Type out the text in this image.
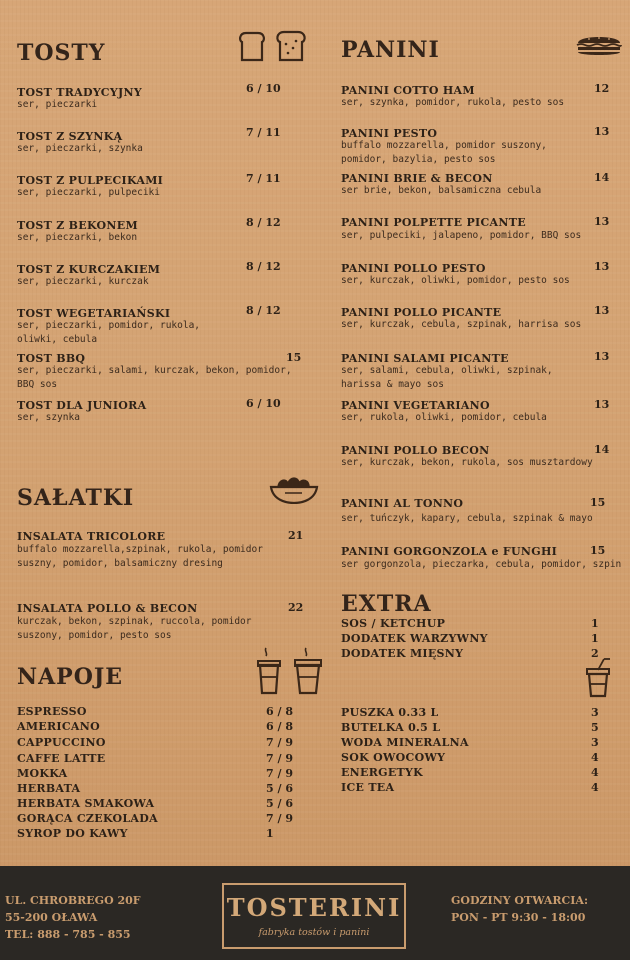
TOSTY
TOST TRADYCYJNY
ser, pieczarki
6 / 10
TOST Z SZYNKĄ
ser, pieczarki, szynka
7 / 11
TOST Z PULPECIKAMI
ser, pieczarki, pulpeciki
7 / 11
TOST Z BEKONEM
ser, pieczarki, bekon
8 / 12
TOST Z KURCZAKIEM
ser, pieczarki, kurczak
8 / 12
TOST WEGETARIAŃSKI
ser, pieczarki, pomidor, rukola,
oliwki, cebula
8 / 12
TOST BBQ
ser, pieczarki, salami, kurczak, bekon, pomidor,
BBQ sos
15
TOST DLA JUNIORA
ser, szynka
6 / 10
SAŁATKI
INSALATA TRICOLORE
buffalo mozzarella,szpinak, rukola, pomidor
suszny, pomidor, balsamiczny dresing
21
INSALATA POLLO & BECON
kurczak, bekon, szpinak, ruccola, pomidor
suszony, pomidor, pesto sos
22
NAPOJE
ESPRESSO	6 / 8
AMERICANO	6 / 8
CAPPUCCINO	7 / 9
CAFFE LATTE	7 / 9
MOKKA	7 / 9
HERBATA	5 / 6
HERBATA SMAKOWA	5 / 6
GORĄCA CZEKOLADA	7 / 9
SYROP DO KAWY	1
PANINI
PANINI COTTO HAM
ser, szynka, pomidor, rukola, pesto sos
12
PANINI PESTO
buffalo mozzarella, pomidor suszony,
pomidor, bazylia, pesto sos
13
PANINI BRIE & BECON
ser brie, bekon, balsamiczna cebula
14
PANINI POLPETTE PICANTE
ser, pulpeciki, jalapeno, pomidor, BBQ sos
13
PANINI POLLO PESTO
ser, kurczak, oliwki, pomidor, pesto sos
13
PANINI POLLO PICANTE
ser, kurczak, cebula, szpinak, harrisa sos
13
PANINI SALAMI PICANTE
ser, salami, cebula, oliwki, szpinak,
harissa & mayo sos
13
PANINI VEGETARIANO
ser, rukola, oliwki, pomidor, cebula
13
PANINI POLLO BECON
ser, kurczak, bekon, rukola, sos musztardowy
14
PANINI AL TONNO
ser, tuńczyk, kapary, cebula, szpinak & mayo
15
PANINI GORGONZOLA e FUNGHI
ser gorgonzola, pieczarka, cebula, pomidor, szpin
15
EXTRA
SOS / KETCHUP	1
DODATEK WARZYWNY	1
DODATEK MIĘSNY	2
PUSZKA 0.33 L	3
BUTELKA 0.5 L	5
WODA MINERALNA	3
SOK OWOCOWY	4
ENERGETYK	4
ICE TEA	4
UL. CHROBREGO 20F
55-200 OŁAWA
TEL: 888 - 785 - 855
TOSTERINI
fabryka tostów i panini
GODZINY OTWARCIA:
PON - PT 9:30 - 18:00
